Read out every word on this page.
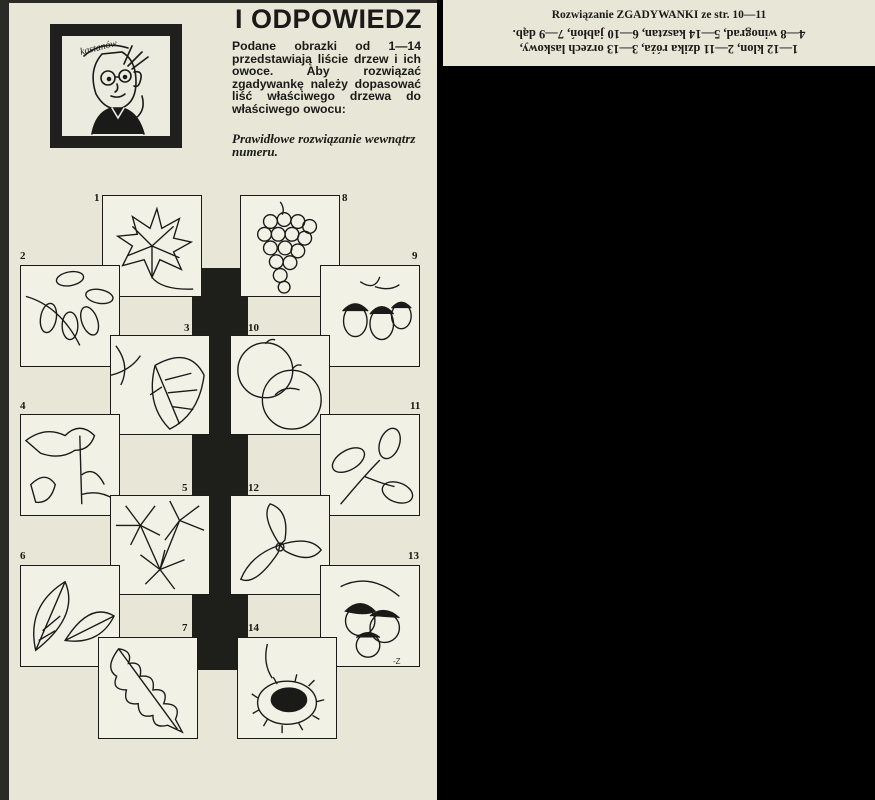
I ODPOWIEDZ
kastanów	Podane obrazki od 1—14 przedstawiają liście drzew i ich owoce. Aby rozwiązać zgadywankę należy dopasować liść właściwego drzewa do właściwego owocu:
Prawidłowe rozwiązanie wewnątrz numeru.
1
2
3
4
5
6
7
8
9
10
11
12
13
14
-Z
Rozwiązanie ZGADYWANKI ze str. 10—11
4—8 winograd, 5—14 kasztan, 6—10 jabłoń, 7—9 dąb.
1—12 klon, 2—11 dzika róża, 3—13 orzech laskowy,
